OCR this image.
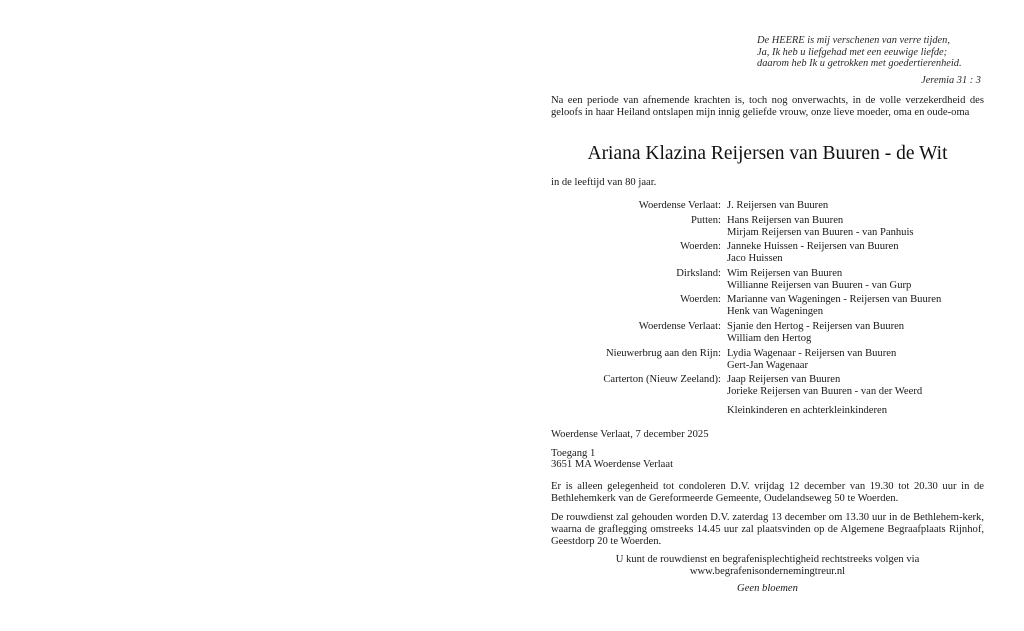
De HEERE is mij verschenen van verre tijden,
Ja, Ik heb u liefgehad met een eeuwige liefde;
daarom heb Ik u getrokken met goedertierenheid.
Jeremia 31 : 3
Na een periode van afnemende krachten is, toch nog onverwachts, in de volle verzekerdheid des geloofs in haar Heiland ontslapen mijn innig geliefde vrouw, onze lieve moeder, oma en oude-oma
Ariana Klazina Reijersen van Buuren - de Wit
in de leeftijd van 80 jaar.
Woerdense Verlaat: J. Reijersen van Buuren
Putten: Hans Reijersen van Buuren
Mirjam Reijersen van Buuren - van Panhuis
Woerden: Janneke Huissen - Reijersen van Buuren
Jaco Huissen
Dirksland: Wim Reijersen van Buuren
Willianne Reijersen van Buuren - van Gurp
Woerden: Marianne van Wageningen - Reijersen van Buuren
Henk van Wageningen
Woerdense Verlaat: Sjanie den Hertog - Reijersen van Buuren
William den Hertog
Nieuwerbrug aan den Rijn: Lydia Wagenaar - Reijersen van Buuren
Gert-Jan Wagenaar
Carterton (Nieuw Zeeland): Jaap Reijersen van Buuren
Jorieke Reijersen van Buuren - van der Weerd
Kleinkinderen en achterkleinkinderen
Woerdense Verlaat, 7 december 2025
Toegang 1
3651 MA Woerdense Verlaat
Er is alleen gelegenheid tot condoleren D.V. vrijdag 12 december van 19.30 tot 20.30 uur in de Bethlehemkerk van de Gereformeerde Gemeente, Oudelandseweg 50 te Woerden.
De rouwdienst zal gehouden worden D.V. zaterdag 13 december om 13.30 uur in de Bethlehem-kerk, waarna de graflegging omstreeks 14.45 uur zal plaatsvinden op de Algemene Begraafplaats Rijnhof, Geestdorp 20 te Woerden.
U kunt de rouwdienst en begrafenisplechtigheid rechtstreeks volgen via
www.begrafenisondernemingtreur.nl
Geen bloemen
